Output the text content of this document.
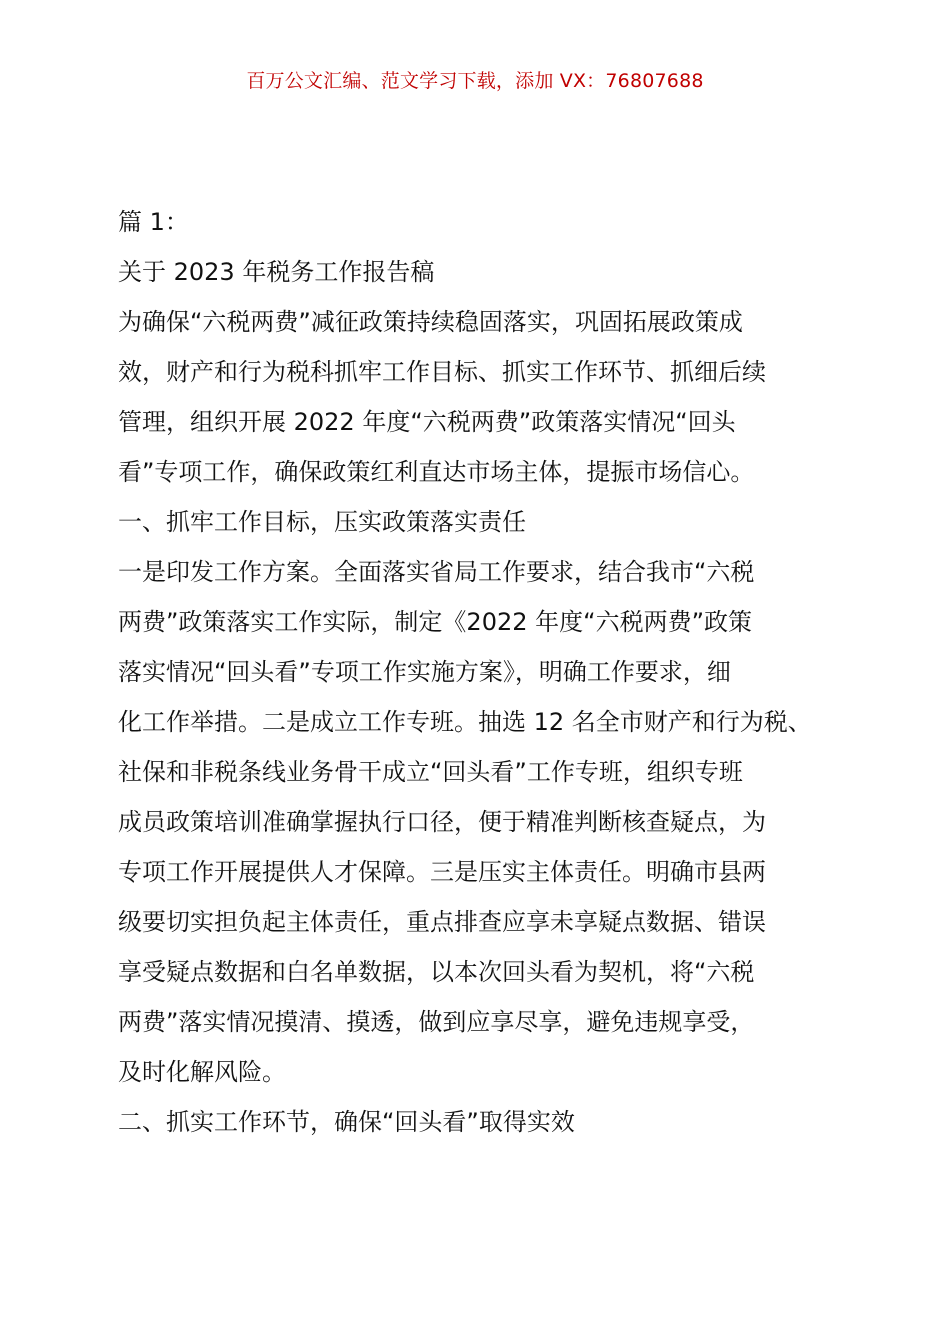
百万公文汇编、范文学习下载，添加 VX：76807688
篇 1：
关于 2023 年税务工作报告稿
为确保“六税两费”减征政策持续稳固落实，巩固拓展政策成
效，财产和行为税科抓牢工作目标、抓实工作环节、抓细后续
管理，组织开展 2022 年度“六税两费”政策落实情况“回头
看”专项工作，确保政策红利直达市场主体，提振市场信心。
一、抓牢工作目标，压实政策落实责任
一是印发工作方案。全面落实省局工作要求，结合我市“六税
两费”政策落实工作实际，制定《2022 年度“六税两费”政策
落实情况“回头看”专项工作实施方案》，明确工作要求，细
化工作举措。二是成立工作专班。抽选 12 名全市财产和行为税、
社保和非税条线业务骨干成立“回头看”工作专班，组织专班
成员政策培训准确掌握执行口径，便于精准判断核查疑点，为
专项工作开展提供人才保障。三是压实主体责任。明确市县两
级要切实担负起主体责任，重点排查应享未享疑点数据、错误
享受疑点数据和白名单数据，以本次回头看为契机，将“六税
两费”落实情况摸清、摸透，做到应享尽享，避免违规享受，
及时化解风险。
二、抓实工作环节，确保“回头看”取得实效
